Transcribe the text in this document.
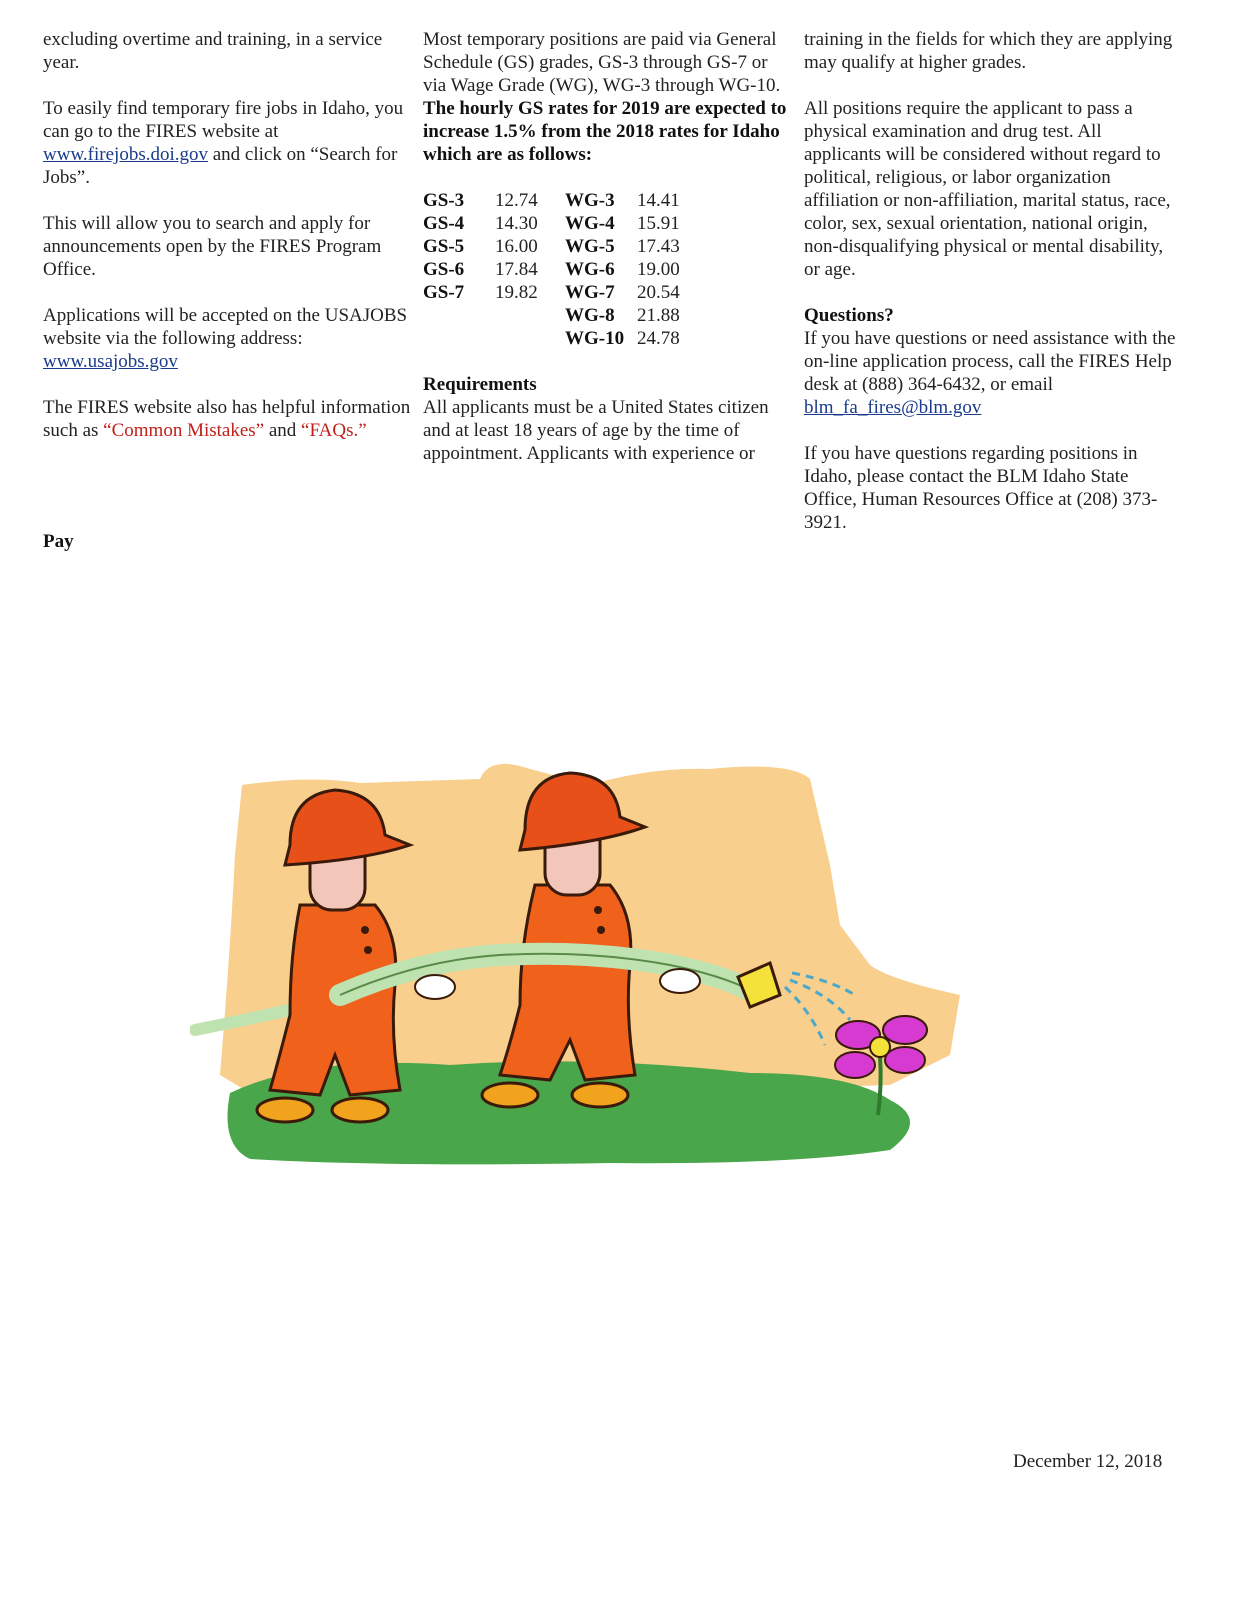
excluding overtime and training, in a service year.

To easily find temporary fire jobs in Idaho, you can go to the FIRES website at www.firejobs.doi.gov and click on “Search for Jobs”.

This will allow you to search and apply for announcements open by the FIRES Program Office.

Applications will be accepted on the USAJOBS website via the following address: www.usajobs.gov

The FIRES website also has helpful information such as “Common Mistakes” and “FAQs.”

Pay

Most temporary positions are paid via General Schedule (GS) grades, GS-3 through GS-7 or via Wage Grade (WG), WG-3 through WG-10. The hourly GS rates for 2019 are expected to increase 1.5% from the 2018 rates for Idaho which are as follows:

GS-3	12.74	WG-3	14.41
GS-4	14.30	WG-4	15.91
GS-5	16.00	WG-5	17.43
GS-6	17.84	WG-6	19.00
GS-7	19.82	WG-7	20.54
		WG-8	21.88
		WG-10	24.78
Requirements

All applicants must be a United States citizen and at least 18 years of age by the time of appointment. Applicants with experience or

training in the fields for which they are applying may qualify at higher grades.

All positions require the applicant to pass a physical examination and drug test. All applicants will be considered without regard to political, religious, or labor organization affiliation or non-affiliation, marital status, race, color, sex, sexual orientation, national origin, non-disqualifying physical or mental disability, or age.

Questions?

If you have questions or need assistance with the on-line application process, call the FIRES Help desk at (888) 364-6432, or email blm_fa_fires@blm.gov

If you have questions regarding positions in Idaho, please contact the BLM Idaho State Office, Human Resources Office at (208) 373-3921.

December 12, 2018
